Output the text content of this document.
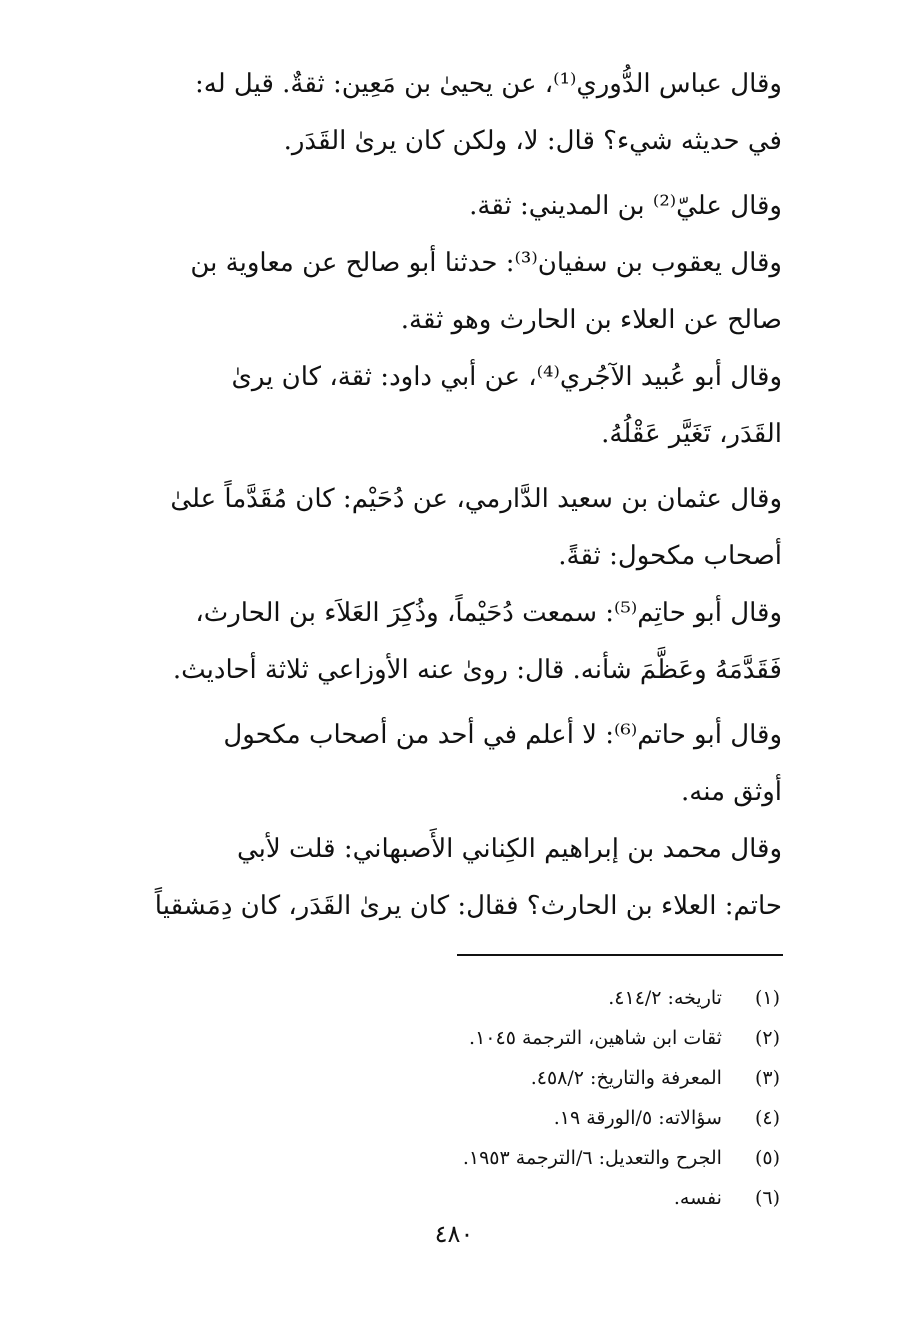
وقال عباس الدُّوري⁽¹⁾، عن يحيىٰ بن مَعِين: ثقةٌ. قيل له:
في حديثه شيء؟ قال: لا، ولكن كان يرىٰ القَدَر.

وقال عليّ⁽²⁾ بن المديني: ثقة.

وقال يعقوب بن سفيان⁽³⁾: حدثنا أبو صالح عن معاوية بن
صالح عن العلاء بن الحارث وهو ثقة.

وقال أبو عُبيد الآجُري⁽⁴⁾، عن أبي داود: ثقة، كان يرىٰ
القَدَر، تَغَيَّر عَقْلُهُ.

وقال عثمان بن سعيد الدَّارمي، عن دُحَيْم: كان مُقَدَّماً علىٰ
أصحاب مكحول: ثقةً.

وقال أبو حاتِم⁽⁵⁾: سمعت دُحَيْماً، وذُكِرَ العَلاَء بن الحارث،
فَقَدَّمَهُ وعَظَّمَ شأنه. قال: روىٰ عنه الأوزاعي ثلاثة أحاديث.

وقال أبو حاتم⁽⁶⁾: لا أعلم في أحد من أصحاب مكحول
أوثق منه.

وقال محمد بن إبراهيم الكِناني الأَصبهاني: قلت لأبي
حاتم: العلاء بن الحارث؟ فقال: كان يرىٰ القَدَر، كان دِمَشقياً

(١) تاريخه: ٤١٤/٢.
(٢) ثقات ابن شاهين، الترجمة ١٠٤٥.
(٣) المعرفة والتاريخ: ٤٥٨/٢.
(٤) سؤالاته: ٥/الورقة ١٩.
(٥) الجرح والتعديل: ٦/الترجمة ١٩٥٣.
(٦) نفسه.
٤٨٠
